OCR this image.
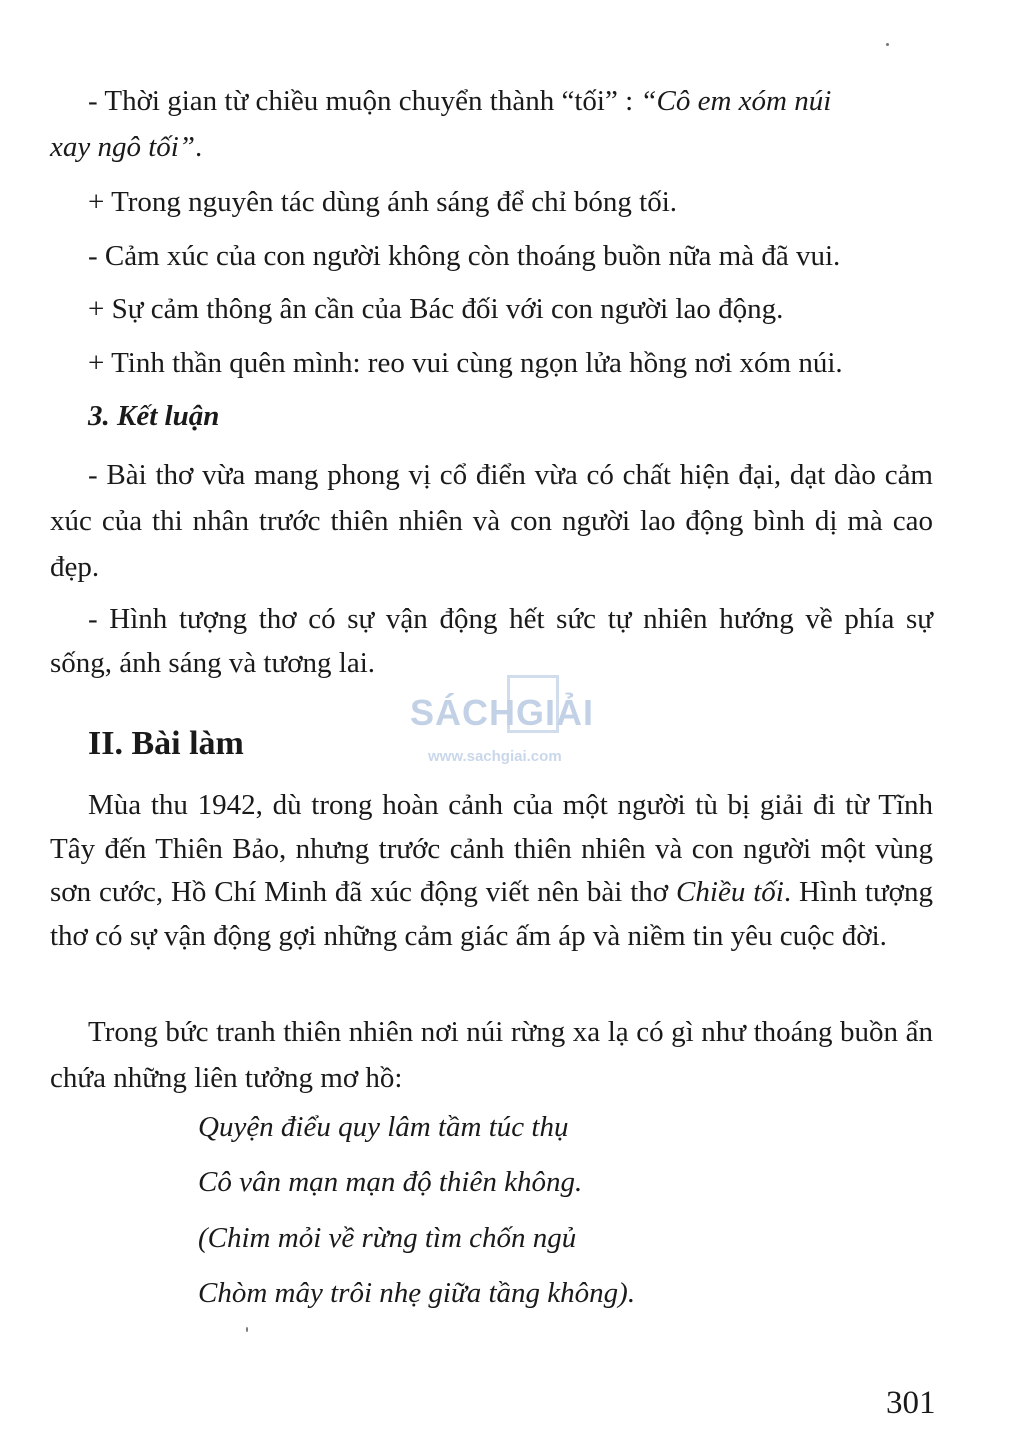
- Thời gian từ chiều muộn chuyển thành “tối” : “Cô em xóm núi
xay ngô tối”.
+ Trong nguyên tác dùng ánh sáng để chỉ bóng tối.
- Cảm xúc của con người không còn thoáng buồn nữa mà đã vui.
+ Sự cảm thông ân cần của Bác đối với con người lao động.
+ Tinh thần quên mình: reo vui cùng ngọn lửa hồng nơi xóm núi.
3. Kết luận
- Bài thơ vừa mang phong vị cổ điển vừa có chất hiện đại, dạt dào cảm xúc của thi nhân trước thiên nhiên và con người lao động bình dị mà cao đẹp.
- Hình tượng thơ có sự vận động hết sức tự nhiên hướng về phía sự sống, ánh sáng và tương lai.
SÁCHGIẢI
www.sachgiai.com
II. Bài làm
Mùa thu 1942, dù trong hoàn cảnh của một người tù bị giải đi từ Tĩnh Tây đến Thiên Bảo, nhưng trước cảnh thiên nhiên và con người một vùng sơn cước, Hồ Chí Minh đã xúc động viết nên bài thơ Chiều tối. Hình tượng thơ có sự vận động gợi những cảm giác ấm áp và niềm tin yêu cuộc đời.
Trong bức tranh thiên nhiên nơi núi rừng xa lạ có gì như thoáng buồn ẩn chứa những liên tưởng mơ hồ:
Quyện điểu quy lâm tầm túc thụ
Cô vân mạn mạn độ thiên không.
(Chim mỏi về rừng tìm chốn ngủ
Chòm mây trôi nhẹ giữa tầng không).
301
